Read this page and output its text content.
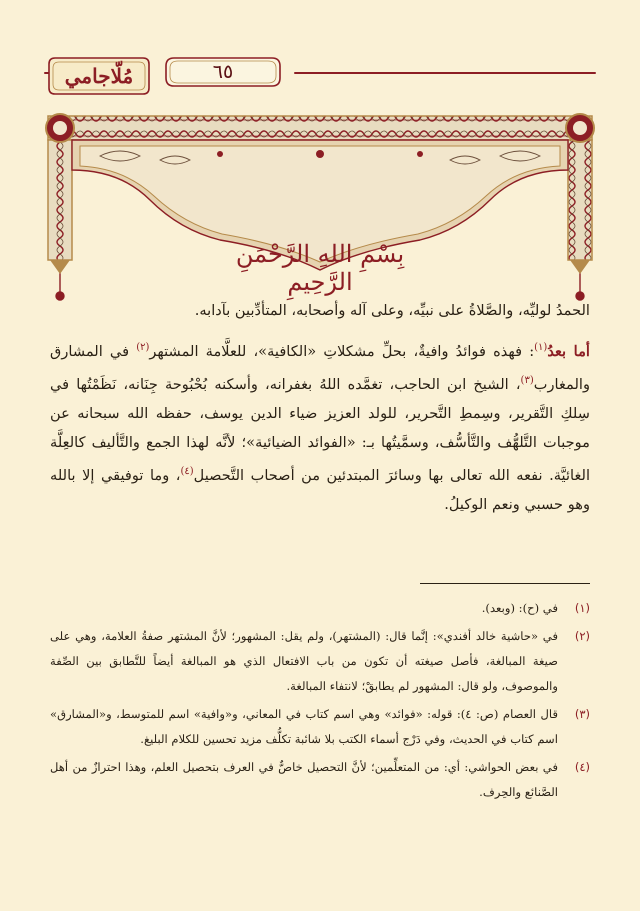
٦٥
مُلّاجامي
بِسْمِ اللهِ الرَّحْمَنِ الرَّحِيمِ

الحمدُ لوليِّه، والصَّلاةُ على نبيِّه، وعلى آله وأصحابه، المتأدِّبين بآدابه.

أما بعدُ$^{(١)}$: فهذه فوائدُ وافيةٌ، بحلِّ مشكلاتِ «الكافية»، للعلَّامة المشتهر$^{(٢)}$ في المشارق والمغارب$^{(٣)}$، الشيخ ابن الحاجب، تغمَّده اللهُ بغفرانه، وأسكنه بُحْبُوحة جِنَانه، نَظَمْتُها في سِلكِ التَّقرير، وسِمطِ التَّحرير، للولد العزيز ضياء الدين يوسف، حفظه الله سبحانه عن موجبات التَّلهُّف والتَّأسُّف، وسمَّيتُها بـ: «الفوائد الضيائية»؛ لأنَّه لهذا الجمع والتَّأليف كالعِلَّة الغائيَّة. نفعه الله تعالى بها وسائرَ المبتدئين من أصحاب التَّحصيل$^{(٤)}$، وما توفيقي إلا بالله وهو حسبي ونعم الوكيلُ.

(١)
في (ح): (وبعد).
(٢)
في «حاشية خالد أفندي»: إنَّما قال: (المشتهر)، ولم يقل: المشهور؛ لأنَّ المشتهر صفةُ العلامة، وهي على صيغة المبالغة، فأصل صيغته أن تكون من باب الافتعال الذي هو المبالغة أيضاً للتَّطابق بين الصِّفة والموصوف، ولو قال: المشهور لم يطابقْ؛ لانتفاء المبالغة.
(٣)
قال العصام (ص: ٤): قوله: «فوائد» وهي اسم كتاب في المعاني، و«وافية» اسم للمتوسط، و«المشارق» اسم كتاب في الحديث، وفي دَرْج أسماء الكتب بلا شائبة تكلُّف مزيد تحسين للكلام البليغ.
(٤)
في بعض الحواشي: أي: من المتعلِّمين؛ لأنَّ التحصيل خاصٌّ في العرف بتحصيل العلم، وهذا احترازٌ من أهل الصَّنائع والحِرف.
